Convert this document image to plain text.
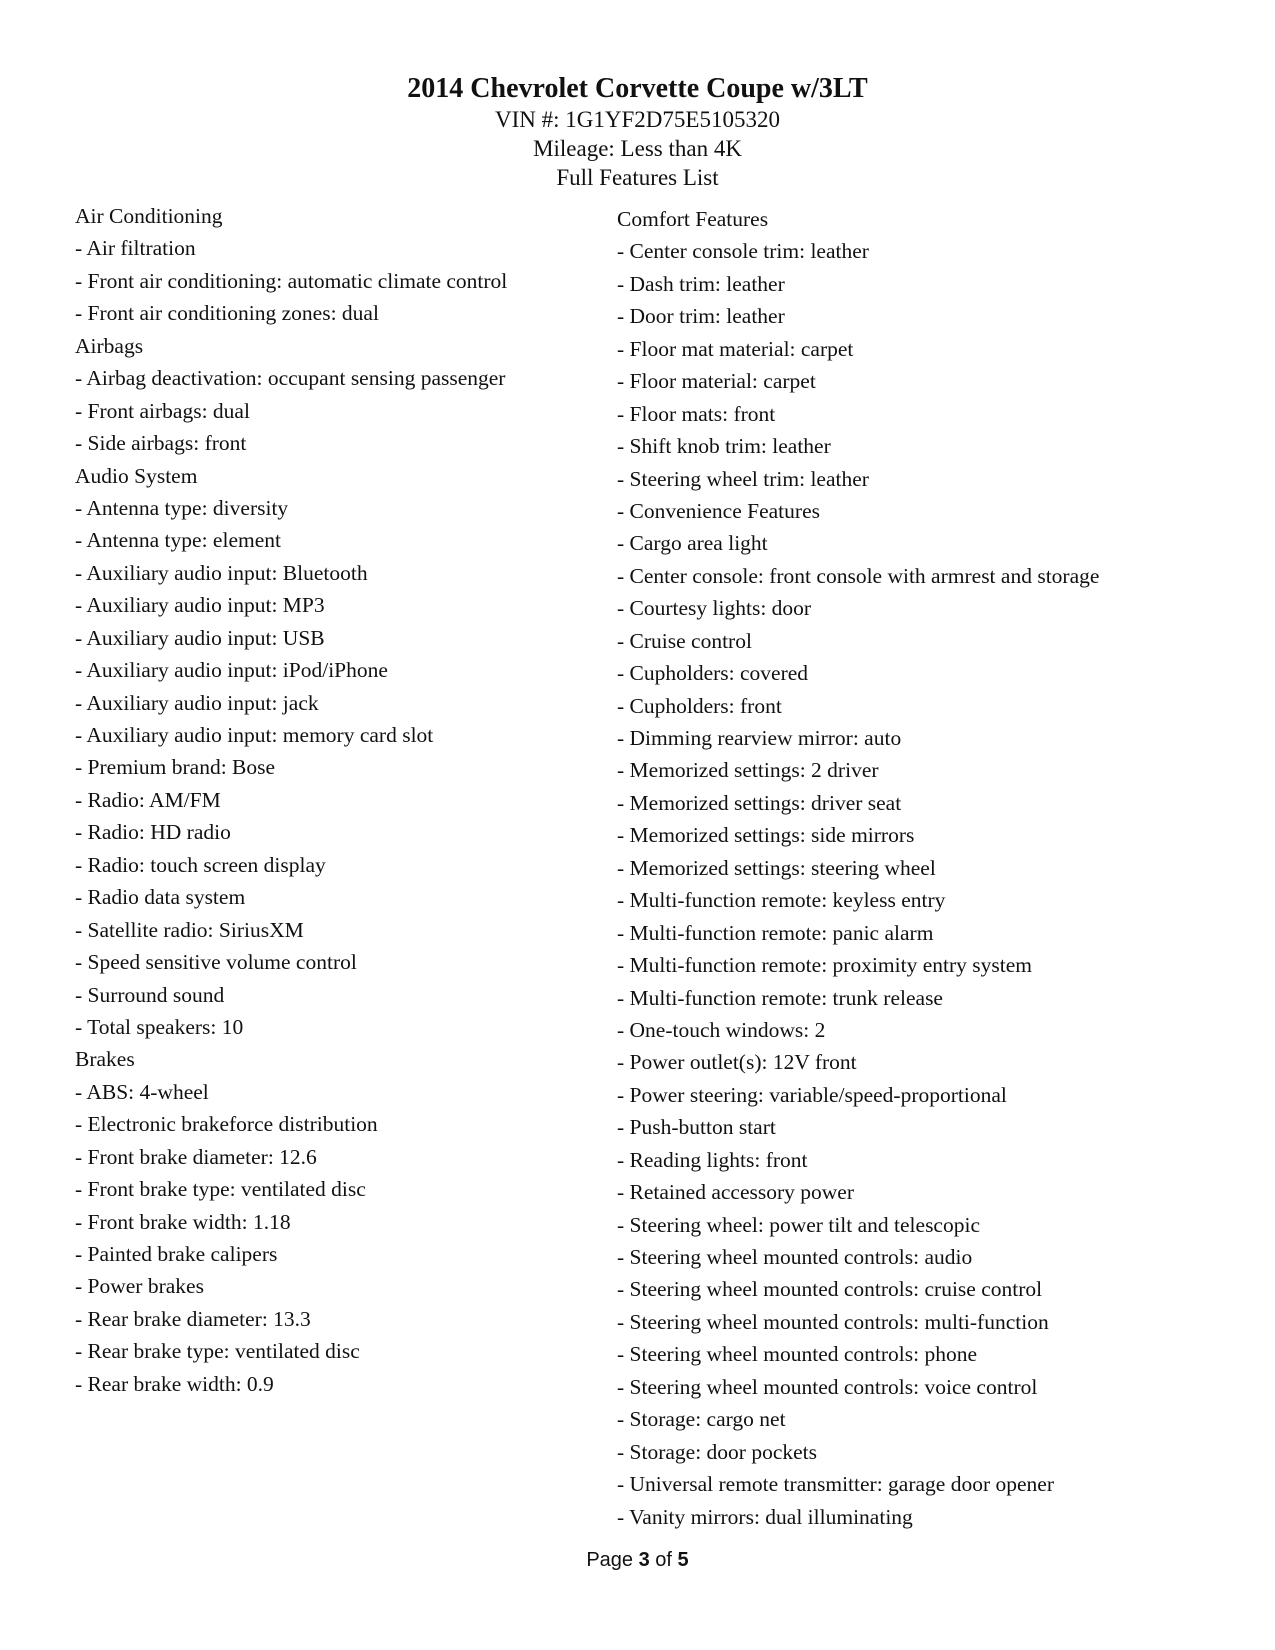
2014 Chevrolet Corvette Coupe w/3LT
VIN #: 1G1YF2D75E5105320
Mileage: Less than 4K
Full Features List
Air Conditioning
- Air filtration
- Front air conditioning: automatic climate control
- Front air conditioning zones: dual
Airbags
- Airbag deactivation: occupant sensing passenger
- Front airbags: dual
- Side airbags: front
Audio System
- Antenna type: diversity
- Antenna type: element
- Auxiliary audio input: Bluetooth
- Auxiliary audio input: MP3
- Auxiliary audio input: USB
- Auxiliary audio input: iPod/iPhone
- Auxiliary audio input: jack
- Auxiliary audio input: memory card slot
- Premium brand: Bose
- Radio: AM/FM
- Radio: HD radio
- Radio: touch screen display
- Radio data system
- Satellite radio: SiriusXM
- Speed sensitive volume control
- Surround sound
- Total speakers: 10
Brakes
- ABS: 4-wheel
- Electronic brakeforce distribution
- Front brake diameter: 12.6
- Front brake type: ventilated disc
- Front brake width: 1.18
- Painted brake calipers
- Power brakes
- Rear brake diameter: 13.3
- Rear brake type: ventilated disc
- Rear brake width: 0.9
Comfort Features
- Center console trim: leather
- Dash trim: leather
- Door trim: leather
- Floor mat material: carpet
- Floor material: carpet
- Floor mats: front
- Shift knob trim: leather
- Steering wheel trim: leather
- Convenience Features
- Cargo area light
- Center console: front console with armrest and storage
- Courtesy lights: door
- Cruise control
- Cupholders: covered
- Cupholders: front
- Dimming rearview mirror: auto
- Memorized settings: 2 driver
- Memorized settings: driver seat
- Memorized settings: side mirrors
- Memorized settings: steering wheel
- Multi-function remote: keyless entry
- Multi-function remote: panic alarm
- Multi-function remote: proximity entry system
- Multi-function remote: trunk release
- One-touch windows: 2
- Power outlet(s): 12V front
- Power steering: variable/speed-proportional
- Push-button start
- Reading lights: front
- Retained accessory power
- Steering wheel: power tilt and telescopic
- Steering wheel mounted controls: audio
- Steering wheel mounted controls: cruise control
- Steering wheel mounted controls: multi-function
- Steering wheel mounted controls: phone
- Steering wheel mounted controls: voice control
- Storage: cargo net
- Storage: door pockets
- Universal remote transmitter: garage door opener
- Vanity mirrors: dual illuminating
Page 3 of 5
